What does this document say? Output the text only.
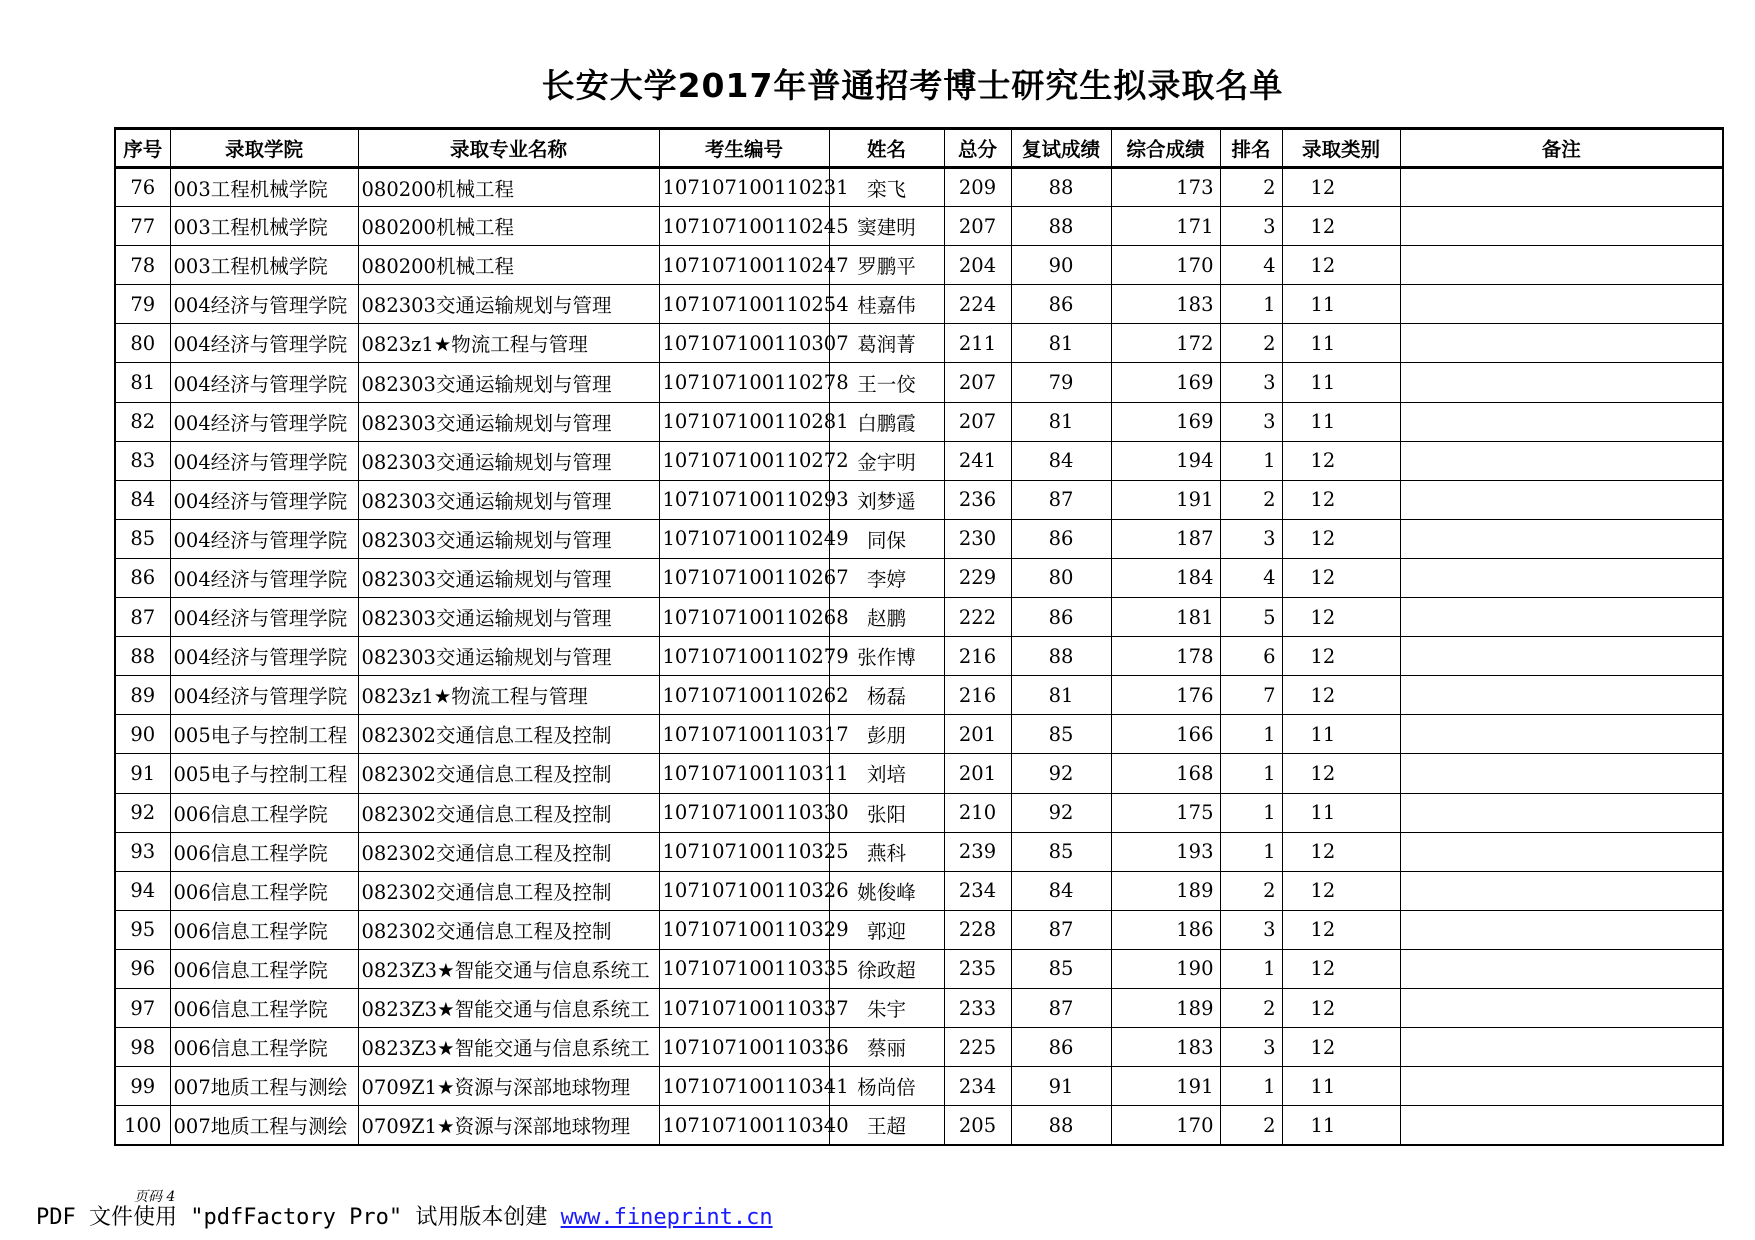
长安大学2017年普通招考博士研究生拟录取名单
序号	录取学院	录取专业名称	考生编号	姓名	总分	复试成绩	综合成绩	排名	录取类别	备注
76	003工程机械学院	080200机械工程	107107100110231	栾飞	209	88	173	2	12	
77	003工程机械学院	080200机械工程	107107100110245	窦建明	207	88	171	3	12	
78	003工程机械学院	080200机械工程	107107100110247	罗鹏平	204	90	170	4	12	
79	004经济与管理学院	082303交通运输规划与管理	107107100110254	桂嘉伟	224	86	183	1	11	
80	004经济与管理学院	0823z1★物流工程与管理	107107100110307	葛润菁	211	81	172	2	11	
81	004经济与管理学院	082303交通运输规划与管理	107107100110278	王一佼	207	79	169	3	11	
82	004经济与管理学院	082303交通运输规划与管理	107107100110281	白鹏霞	207	81	169	3	11	
83	004经济与管理学院	082303交通运输规划与管理	107107100110272	金宇明	241	84	194	1	12	
84	004经济与管理学院	082303交通运输规划与管理	107107100110293	刘梦遥	236	87	191	2	12	
85	004经济与管理学院	082303交通运输规划与管理	107107100110249	同保	230	86	187	3	12	
86	004经济与管理学院	082303交通运输规划与管理	107107100110267	李婷	229	80	184	4	12	
87	004经济与管理学院	082303交通运输规划与管理	107107100110268	赵鹏	222	86	181	5	12	
88	004经济与管理学院	082303交通运输规划与管理	107107100110279	张作博	216	88	178	6	12	
89	004经济与管理学院	0823z1★物流工程与管理	107107100110262	杨磊	216	81	176	7	12	
90	005电子与控制工程	082302交通信息工程及控制	107107100110317	彭朋	201	85	166	1	11	
91	005电子与控制工程	082302交通信息工程及控制	107107100110311	刘培	201	92	168	1	12	
92	006信息工程学院	082302交通信息工程及控制	107107100110330	张阳	210	92	175	1	11	
93	006信息工程学院	082302交通信息工程及控制	107107100110325	燕科	239	85	193	1	12	
94	006信息工程学院	082302交通信息工程及控制	107107100110326	姚俊峰	234	84	189	2	12	
95	006信息工程学院	082302交通信息工程及控制	107107100110329	郭迎	228	87	186	3	12	
96	006信息工程学院	0823Z3★智能交通与信息系统工	107107100110335	徐政超	235	85	190	1	12	
97	006信息工程学院	0823Z3★智能交通与信息系统工	107107100110337	朱宇	233	87	189	2	12	
98	006信息工程学院	0823Z3★智能交通与信息系统工	107107100110336	蔡丽	225	86	183	3	12	
99	007地质工程与测绘	0709Z1★资源与深部地球物理	107107100110341	杨尚倍	234	91	191	1	11	
100	007地质工程与测绘	0709Z1★资源与深部地球物理	107107100110340	王超	205	88	170	2	11	
页码 4
PDF 文件使用 "pdfFactory Pro" 试用版本创建 www.fineprint.cn
